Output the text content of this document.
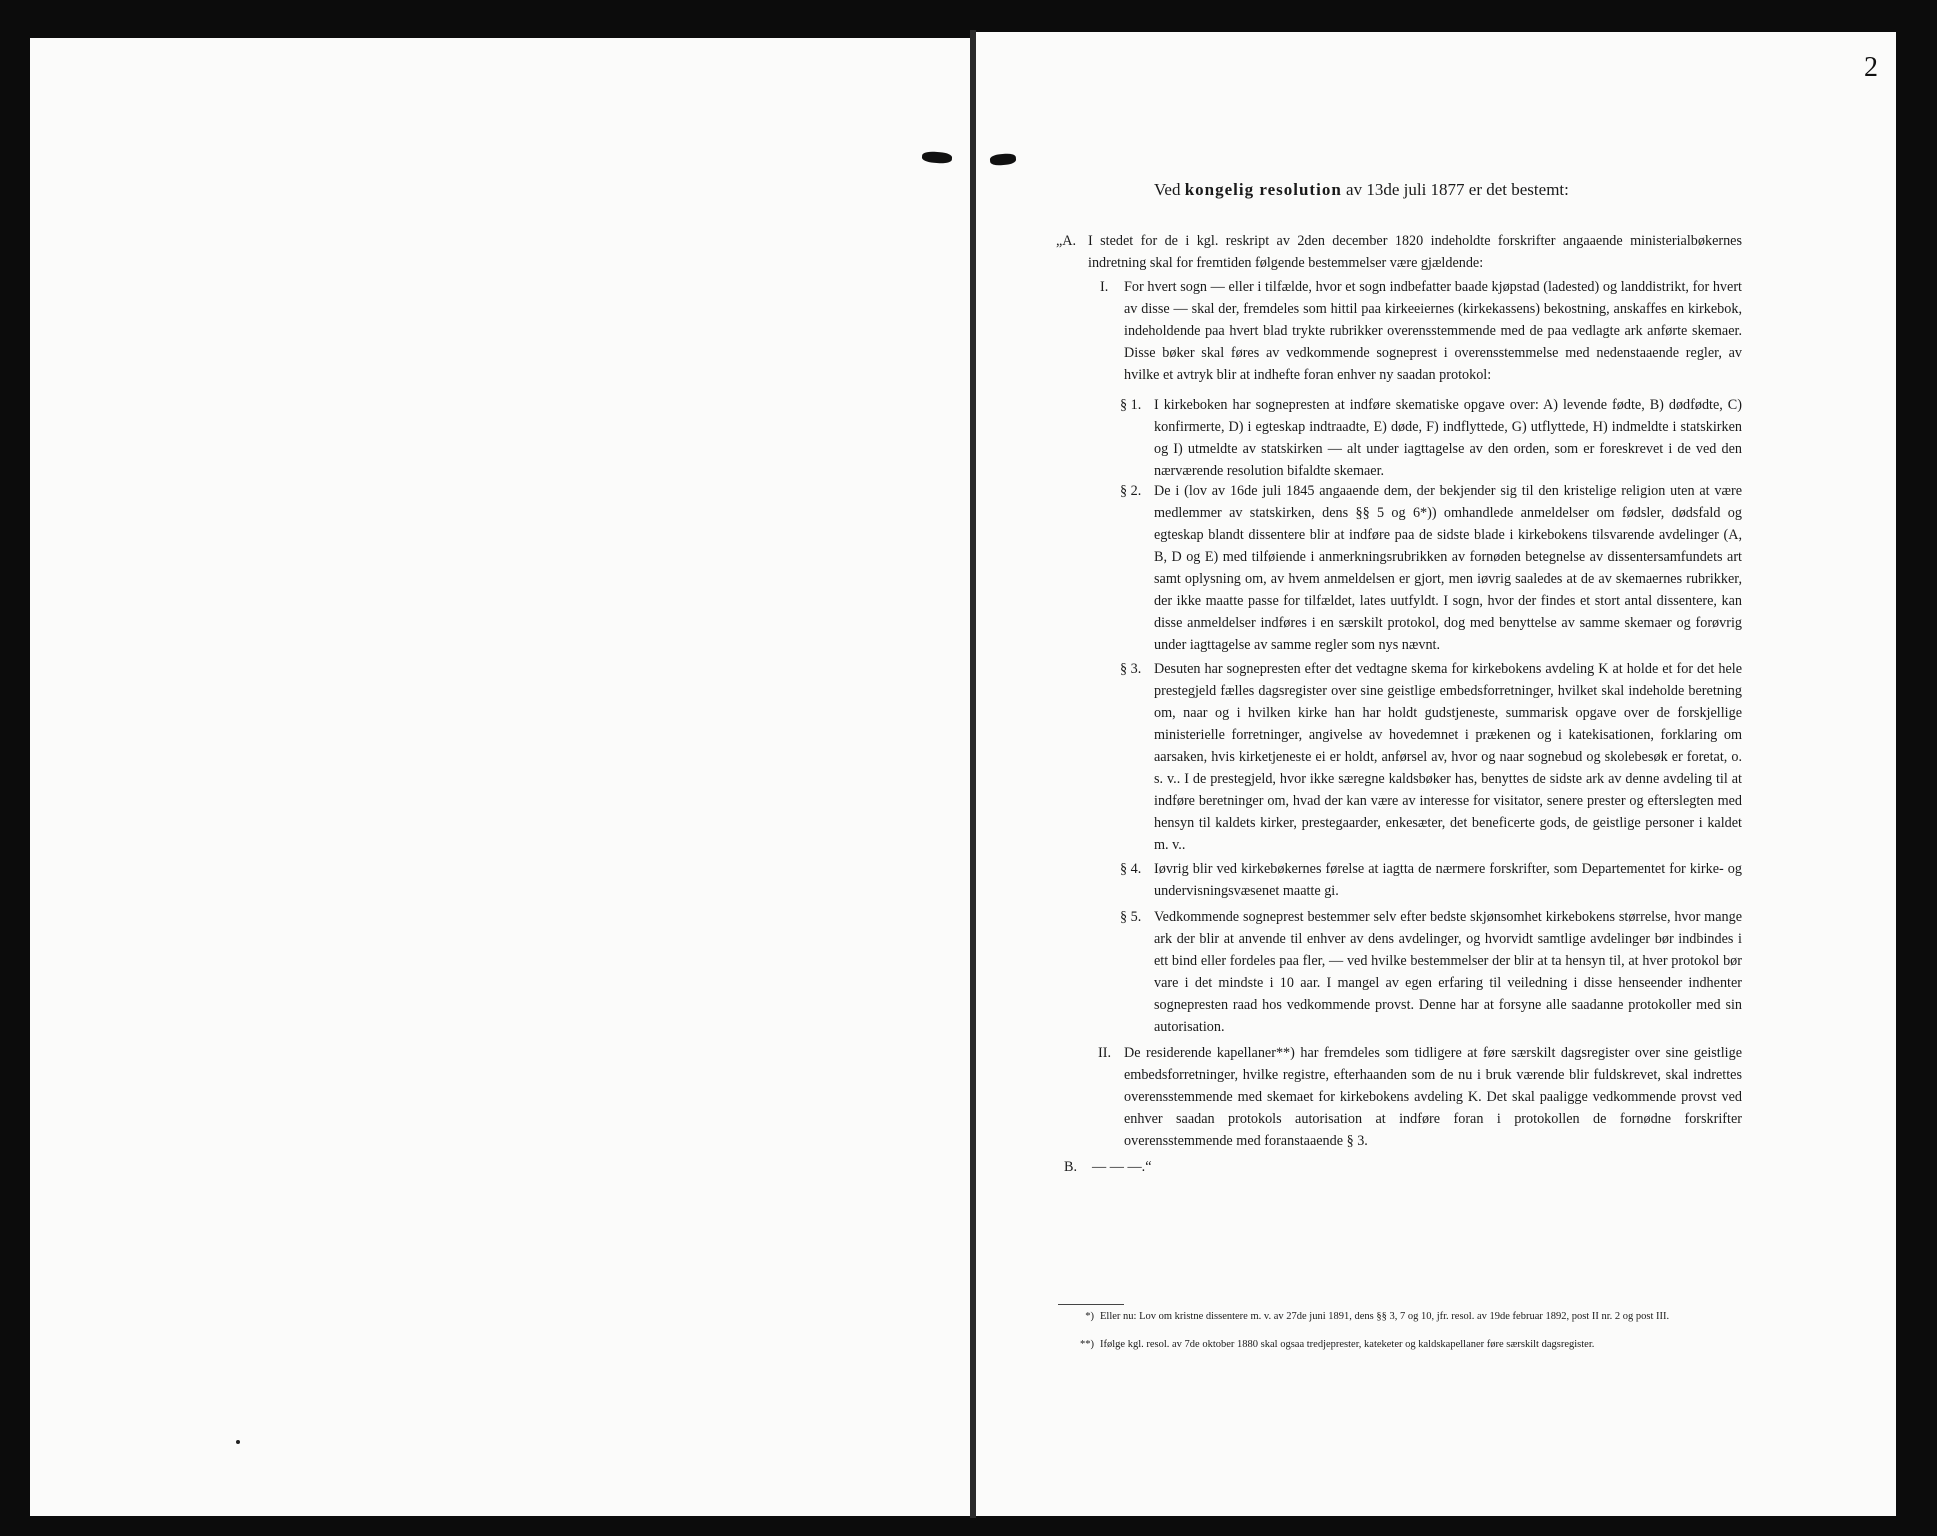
2
Ved kongelig resolution av 13de juli 1877 er det bestemt:
„A. I stedet for de i kgl. reskript av 2den december 1820 indeholdte forskrifter angaaende ministerialbøkernes indretning skal for fremtiden følgende bestemmelser være gjældende:
I. For hvert sogn — eller i tilfælde, hvor et sogn indbefatter baade kjøpstad (ladested) og landdistrikt, for hvert av disse — skal der, fremdeles som hittil paa kirkeeiernes (kirkekassens) bekostning, anskaffes en kirkebok, indeholdende paa hvert blad trykte rubrikker overensstemmende med de paa vedlagte ark anførte skemaer. Disse bøker skal føres av vedkommende sogneprest i overensstemmelse med nedenstaaende regler, av hvilke et avtryk blir at indhefte foran enhver ny saadan protokol:
§ 1. I kirkeboken har sognepresten at indføre skematiske opgave over: A) levende fødte, B) dødfødte, C) konfirmerte, D) i egteskap indtraadte, E) døde, F) indflyttede, G) utflyttede, H) indmeldte i statskirken og I) utmeldte av statskirken — alt under iagttagelse av den orden, som er foreskrevet i de ved den nærværende resolution bifaldte skemaer.
§ 2. De i (lov av 16de juli 1845 angaaende dem, der bekjender sig til den kristelige religion uten at være medlemmer av statskirken, dens §§ 5 og 6*)) omhandlede anmeldelser om fødsler, dødsfald og egteskap blandt dissentere blir at indføre paa de sidste blade i kirkebokens tilsvarende avdelinger (A, B, D og E) med tilføiende i anmerkningsrubrikken av fornøden betegnelse av dissentersamfundets art samt oplysning om, av hvem anmeldelsen er gjort, men iøvrig saaledes at de av skemaernes rubrikker, der ikke maatte passe for tilfældet, lates uutfyldt. I sogn, hvor der findes et stort antal dissentere, kan disse anmeldelser indføres i en særskilt protokol, dog med benyttelse av samme skemaer og forøvrig under iagttagelse av samme regler som nys nævnt.
§ 3. Desuten har sognepresten efter det vedtagne skema for kirkebokens avdeling K at holde et for det hele prestegjeld fælles dagsregister over sine geistlige embedsforretninger, hvilket skal indeholde beretning om, naar og i hvilken kirke han har holdt gudstjeneste, summarisk opgave over de forskjellige ministerielle forretninger, angivelse av hovedemnet i prækenen og i katekisationen, forklaring om aarsaken, hvis kirketjeneste ei er holdt, anførsel av, hvor og naar sognebud og skolebesøk er foretat, o. s. v.. I de prestegjeld, hvor ikke særegne kaldsbøker has, benyttes de sidste ark av denne avdeling til at indføre beretninger om, hvad der kan være av interesse for visitator, senere prester og efterslegten med hensyn til kaldets kirker, prestegaarder, enkesæter, det beneficerte gods, de geistlige personer i kaldet m. v..
§ 4. Iøvrig blir ved kirkebøkernes førelse at iagtta de nærmere forskrifter, som Departementet for kirke- og undervisningsvæsenet maatte gi.
§ 5. Vedkommende sogneprest bestemmer selv efter bedste skjønsomhet kirkebokens størrelse, hvor mange ark der blir at anvende til enhver av dens avdelinger, og hvorvidt samtlige avdelinger bør indbindes i ett bind eller fordeles paa fler, — ved hvilke bestemmelser der blir at ta hensyn til, at hver protokol bør vare i det mindste i 10 aar. I mangel av egen erfaring til veiledning i disse henseender indhenter sognepresten raad hos vedkommende provst. Denne har at forsyne alle saadanne protokoller med sin autorisation.
II. De residerende kapellaner**) har fremdeles som tidligere at føre særskilt dagsregister over sine geistlige embedsforretninger, hvilke registre, efterhaanden som de nu i bruk værende blir fuldskrevet, skal indrettes overensstemmende med skemaet for kirkebokens avdeling K. Det skal paaligge vedkommende provst ved enhver saadan protokols autorisation at indføre foran i protokollen de fornødne forskrifter overensstemmende med foranstaaende § 3.
B. — — —.“
*) Eller nu: Lov om kristne dissentere m. v. av 27de juni 1891, dens §§ 3, 7 og 10, jfr. resol. av 19de februar 1892, post II nr. 2 og post III.
**) Ifølge kgl. resol. av 7de oktober 1880 skal ogsaa tredjeprester, kateketer og kaldskapellaner føre særskilt dagsregister.
